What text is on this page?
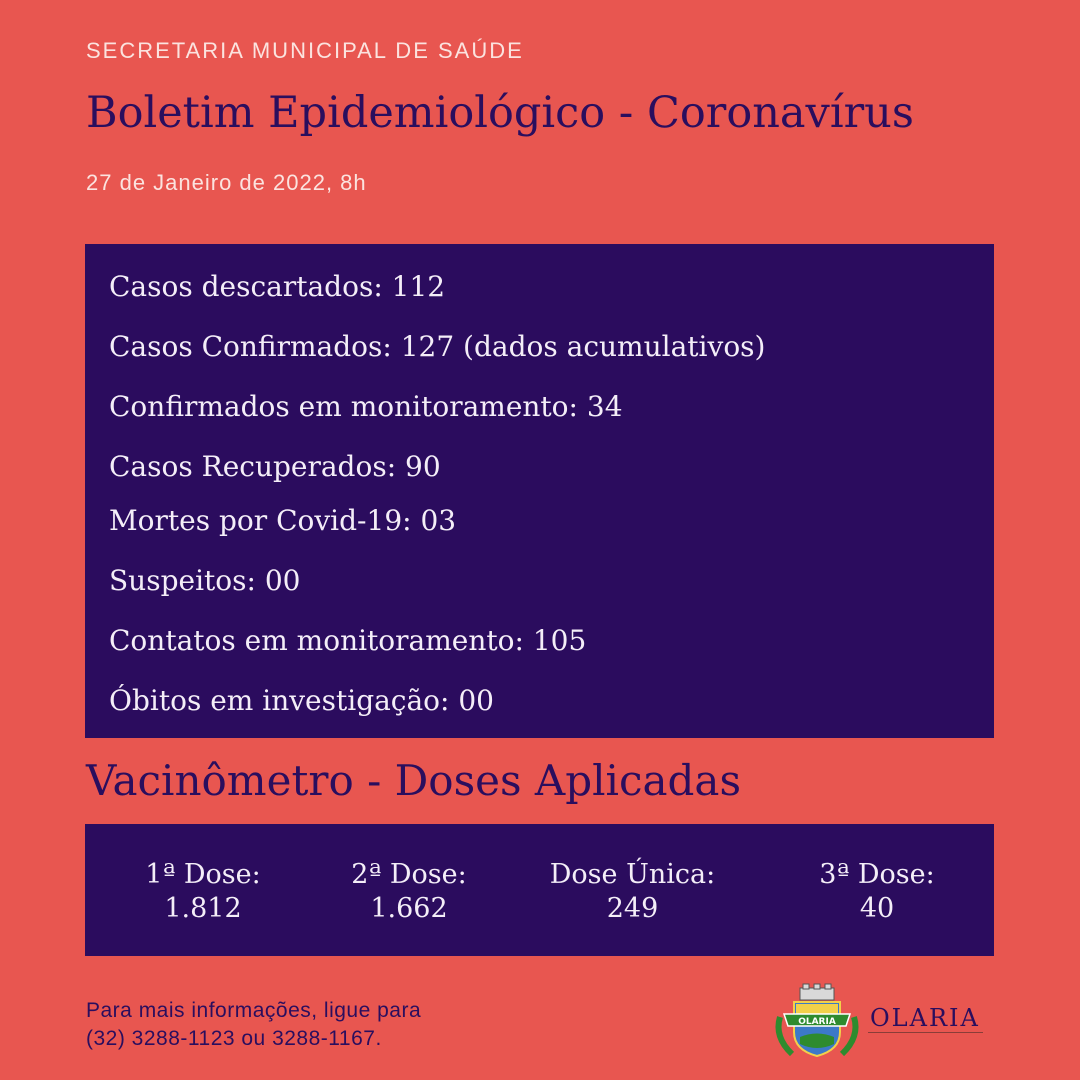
SECRETARIA MUNICIPAL DE SAÚDE
Boletim Epidemiológico - Coronavírus
27 de Janeiro de 2022, 8h
Casos descartados: 112
Casos Confirmados: 127 (dados acumulativos)
Confirmados em monitoramento: 34
Casos Recuperados: 90
Mortes por Covid-19: 03
Suspeitos: 00
Contatos em monitoramento: 105
Óbitos em investigação: 00
Vacinômetro - Doses Aplicadas
1ª Dose:
1.812
2ª Dose:
1.662
Dose Única:
249
3ª Dose:
40
Para mais informações, ligue para
(32) 3288-1123 ou 3288-1167.
OLARIA OLARIA
